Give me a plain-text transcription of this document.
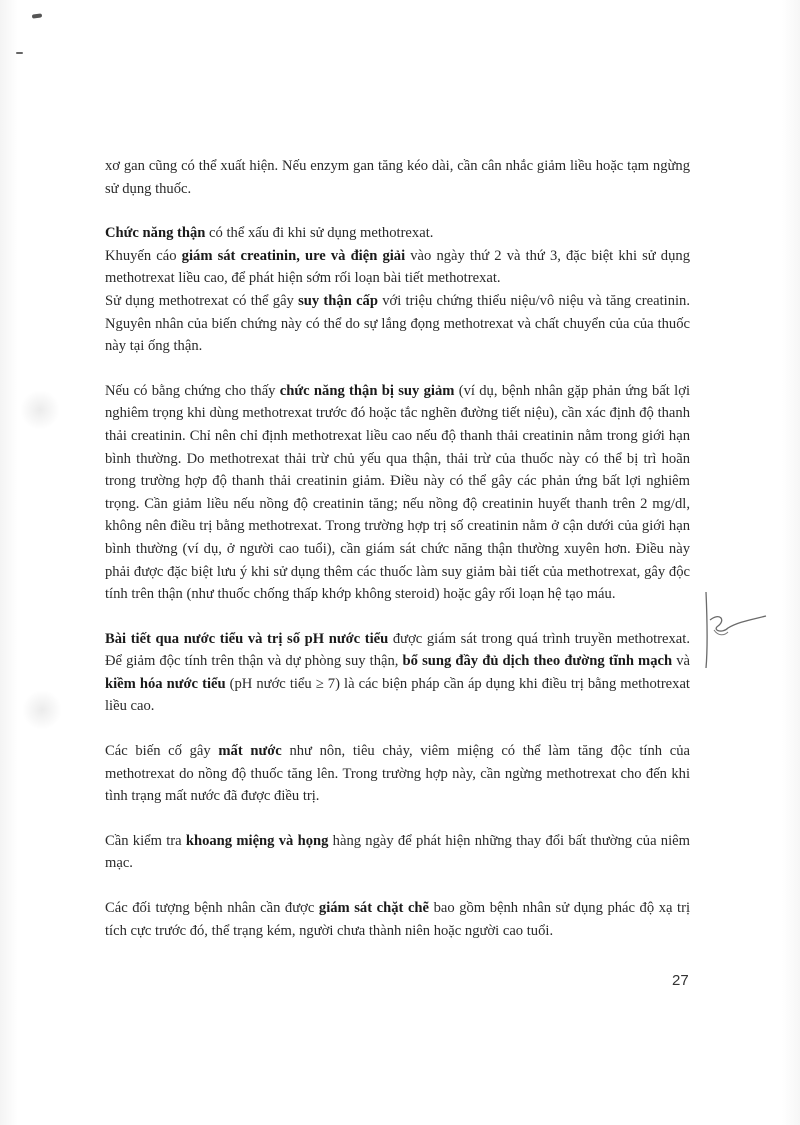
xơ gan cũng có thể xuất hiện. Nếu enzym gan tăng kéo dài, cần cân nhắc giảm liều hoặc tạm ngừng sử dụng thuốc.

Chức năng thận có thể xấu đi khi sử dụng methotrexat.

Khuyến cáo giám sát creatinin, ure và điện giải vào ngày thứ 2 và thứ 3, đặc biệt khi sử dụng methotrexat liều cao, để phát hiện sớm rối loạn bài tiết methotrexat.

Sử dụng methotrexat có thể gây suy thận cấp với triệu chứng thiểu niệu/vô niệu và tăng creatinin. Nguyên nhân của biến chứng này có thể do sự lắng đọng methotrexat và chất chuyển của của thuốc này tại ống thận.

Nếu có bằng chứng cho thấy chức năng thận bị suy giảm (ví dụ, bệnh nhân gặp phản ứng bất lợi nghiêm trọng khi dùng methotrexat trước đó hoặc tắc nghẽn đường tiết niệu), cần xác định độ thanh thải creatinin. Chỉ nên chỉ định methotrexat liều cao nếu độ thanh thải creatinin nằm trong giới hạn bình thường. Do methotrexat thải trừ chủ yếu qua thận, thải trừ của thuốc này có thể bị trì hoãn trong trường hợp độ thanh thải creatinin giảm. Điều này có thể gây các phản ứng bất lợi nghiêm trọng. Cần giảm liều nếu nồng độ creatinin tăng; nếu nồng độ creatinin huyết thanh trên 2 mg/dl, không nên điều trị bằng methotrexat. Trong trường hợp trị số creatinin nằm ở cận dưới của giới hạn bình thường (ví dụ, ở người cao tuổi), cần giám sát chức năng thận thường xuyên hơn. Điều này phải được đặc biệt lưu ý khi sử dụng thêm các thuốc làm suy giảm bài tiết của methotrexat, gây độc tính trên thận (như thuốc chống thấp khớp không steroid) hoặc gây rối loạn hệ tạo máu.

Bài tiết qua nước tiểu và trị số pH nước tiểu được giám sát trong quá trình truyền methotrexat. Để giảm độc tính trên thận và dự phòng suy thận, bổ sung đầy đủ dịch theo đường tĩnh mạch và kiềm hóa nước tiểu (pH nước tiểu ≥ 7) là các biện pháp cần áp dụng khi điều trị bằng methotrexat liều cao.

Các biến cố gây mất nước như nôn, tiêu chảy, viêm miệng có thể làm tăng độc tính của methotrexat do nồng độ thuốc tăng lên. Trong trường hợp này, cần ngừng methotrexat cho đến khi tình trạng mất nước đã được điều trị.

Cần kiểm tra khoang miệng và họng hàng ngày để phát hiện những thay đổi bất thường của niêm mạc.

Các đối tượng bệnh nhân cần được giám sát chặt chẽ bao gồm bệnh nhân sử dụng phác độ xạ trị tích cực trước đó, thể trạng kém, người chưa thành niên hoặc người cao tuổi.

27
